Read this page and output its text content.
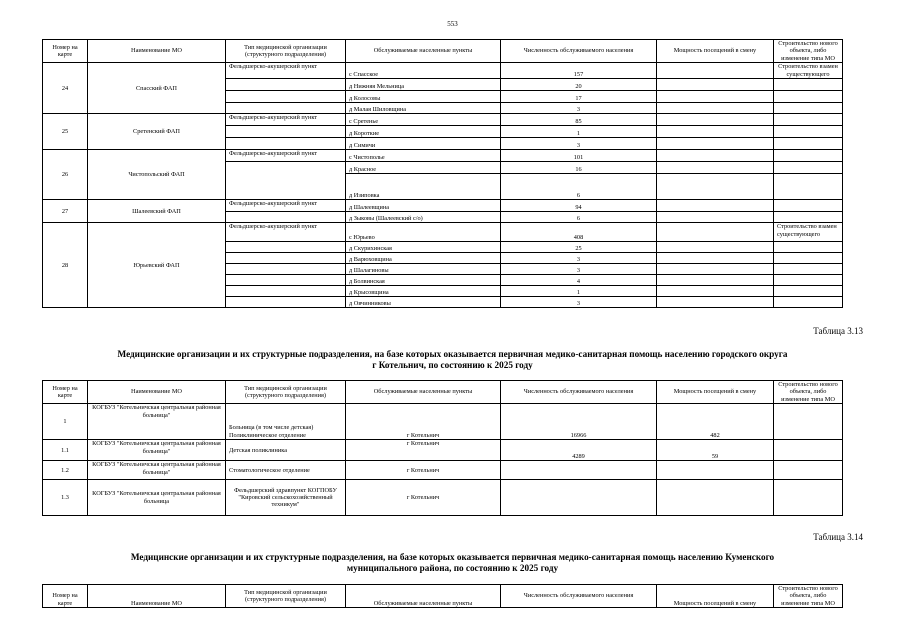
553
Номер на карте	Наименование МО	Тип медицинской организации (структурного подразделения)	Обслуживаемые населенные пункты	Численность обслуживаемого населения	Мощность посещений в смену	Строительство нового объекта, либо изменение типа МО
24	Спасский ФАП	Фельдшерско-акушерский пункт	с Спасское	157		Строительство взамен существующего
			д Нижняя Мельница	20		
			д Колосовы	17		
			д Малая Шиловщина	3		
25	Сретенский ФАП	Фельдшерско-акушерский пункт	с Сретенье	85		
			д Короткие	1		
			д Симичи	3		
26	Чистопольский ФАП	Фельдшерско-акушерский пункт	с Чистополье	101		
			д Красное	16		
			д Изиповка	6		
27	Шалеевский ФАП	Фельдшерско-акушерский пункт	д Шалеевщина	94		
			д Зыковы (Шалеевский с/о)	6		
28	Юрьевский ФАП	Фельдшерско-акушерский пункт	с Юрьево	408		Строительство взамен существующего
			д Скурихинская	25		
			д Варюховщина	3		
			д Шалагиновы	3		
			д Болвинская	4		
			д Крысовщина	1		
			д Овчинниковы	3		
Таблица 3.13
Медицинские организации и их структурные подразделения, на базе которых оказывается первичная медико-санитарная помощь населению городского округа
г Котельнич, по состоянию к 2025 году
Номер на карте	Наименование МО	Тип медицинской организации (структурного подразделения)	Обслуживаемые населенные пункты	Численность обслуживаемого населения	Мощность посещений в смену	Строительство нового объекта, либо изменение типа МО
1	КОГБУЗ "Котельничская центральная районная больница"	Больница (в том числе детская) Поликлиническое отделение	г Котельнич	16966	482	
1.1	КОГБУЗ "Котельничская центральная районная больница"	Детская поликлиника	г Котельнич	4289	59	
1.2	КОГБУЗ "Котельничская центральная районная больница"	Стоматологическое отделение	г Котельнич			
1.3	КОГБУЗ "Котельничская центральная районная больница	Фельдшерский здравпункт КОГПОБУ "Кировский сельскохозяйственный техникум"	г Котельнич			
Таблица 3.14
Медицинские организации и их структурные подразделения, на базе которых оказывается первичная медико-санитарная помощь населению Куменского
муниципального района, по состоянию к 2025 году
Номер на карте	Наименование МО	Тип медицинской организации (структурного подразделения)	Обслуживаемые населенные пункты	Численность обслуживаемого населения	Мощность посещений в смену	Строительство нового объекта, либо изменение типа МО
